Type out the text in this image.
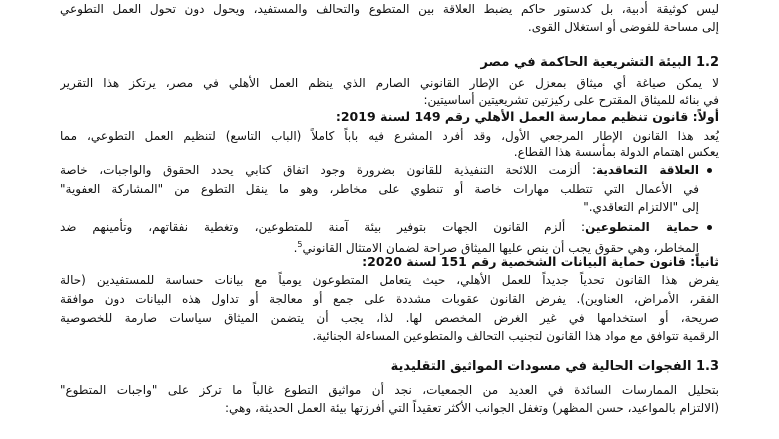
ليس كوثيقة أدبية، بل كدستور حاكم يضبط العلاقة بين المتطوع والتحالف والمستفيد، ويحول دون تحول العمل التطوعي
إلى مساحة للفوضى أو استغلال القوى.
1.2 البيئة التشريعية الحاكمة في مصر
لا يمكن صياغة أي ميثاق بمعزل عن الإطار القانوني الصارم الذي ينظم العمل الأهلي في مصر، يرتكز هذا التقرير
في بنائه للميثاق المقترح على ركيزتين تشريعيتين أساسيتين:
أولاً: قانون تنظيم ممارسة العمل الأهلي رقم 149 لسنة 2019:
يُعد هذا القانون الإطار المرجعي الأول، وقد أفرد المشرع فيه باباً كاملاً (الباب التاسع) لتنظيم العمل التطوعي، مما
يعكس اهتمام الدولة بمأسسة هذا القطاع.
العلاقة التعاقدية: ألزمت اللائحة التنفيذية للقانون بضرورة وجود اتفاق كتابي يحدد الحقوق والواجبات، خاصة
في الأعمال التي تتطلب مهارات خاصة أو تنطوي على مخاطر، وهو ما ينقل التطوع من "المشاركة العفوية"
إلى "الالتزام التعاقدي."
حماية المتطوعين: ألزم القانون الجهات بتوفير بيئة آمنة للمتطوعين، وتغطية نفقاتهم، وتأمينهم ضد
المخاطر، وهي حقوق يجب أن ينص عليها الميثاق صراحة لضمان الامتثال القانوني$^5$.
ثانياً: قانون حماية البيانات الشخصية رقم 151 لسنة 2020:
يفرض هذا القانون تحدياً جديداً للعمل الأهلي، حيث يتعامل المتطوعون يومياً مع بيانات حساسة للمستفيدين (حالة
الفقر، الأمراض، العناوين). يفرض القانون عقوبات مشددة على جمع أو معالجة أو تداول هذه البيانات دون موافقة
صريحة، أو استخدامها في غير الغرض المخصص لها. لذا، يجب أن يتضمن الميثاق سياسات صارمة للخصوصية
الرقمية تتوافق مع مواد هذا القانون لتجنيب التحالف والمتطوعين المساءلة الجنائية.
1.3 الفجوات الحالية في مسودات المواثيق التقليدية
بتحليل الممارسات السائدة في العديد من الجمعيات، نجد أن مواثيق التطوع غالباً ما تركز على "واجبات المتطوع"
(الالتزام بالمواعيد، حسن المظهر) وتغفل الجوانب الأكثر تعقيداً التي أفرزتها بيئة العمل الحديثة، وهي:
